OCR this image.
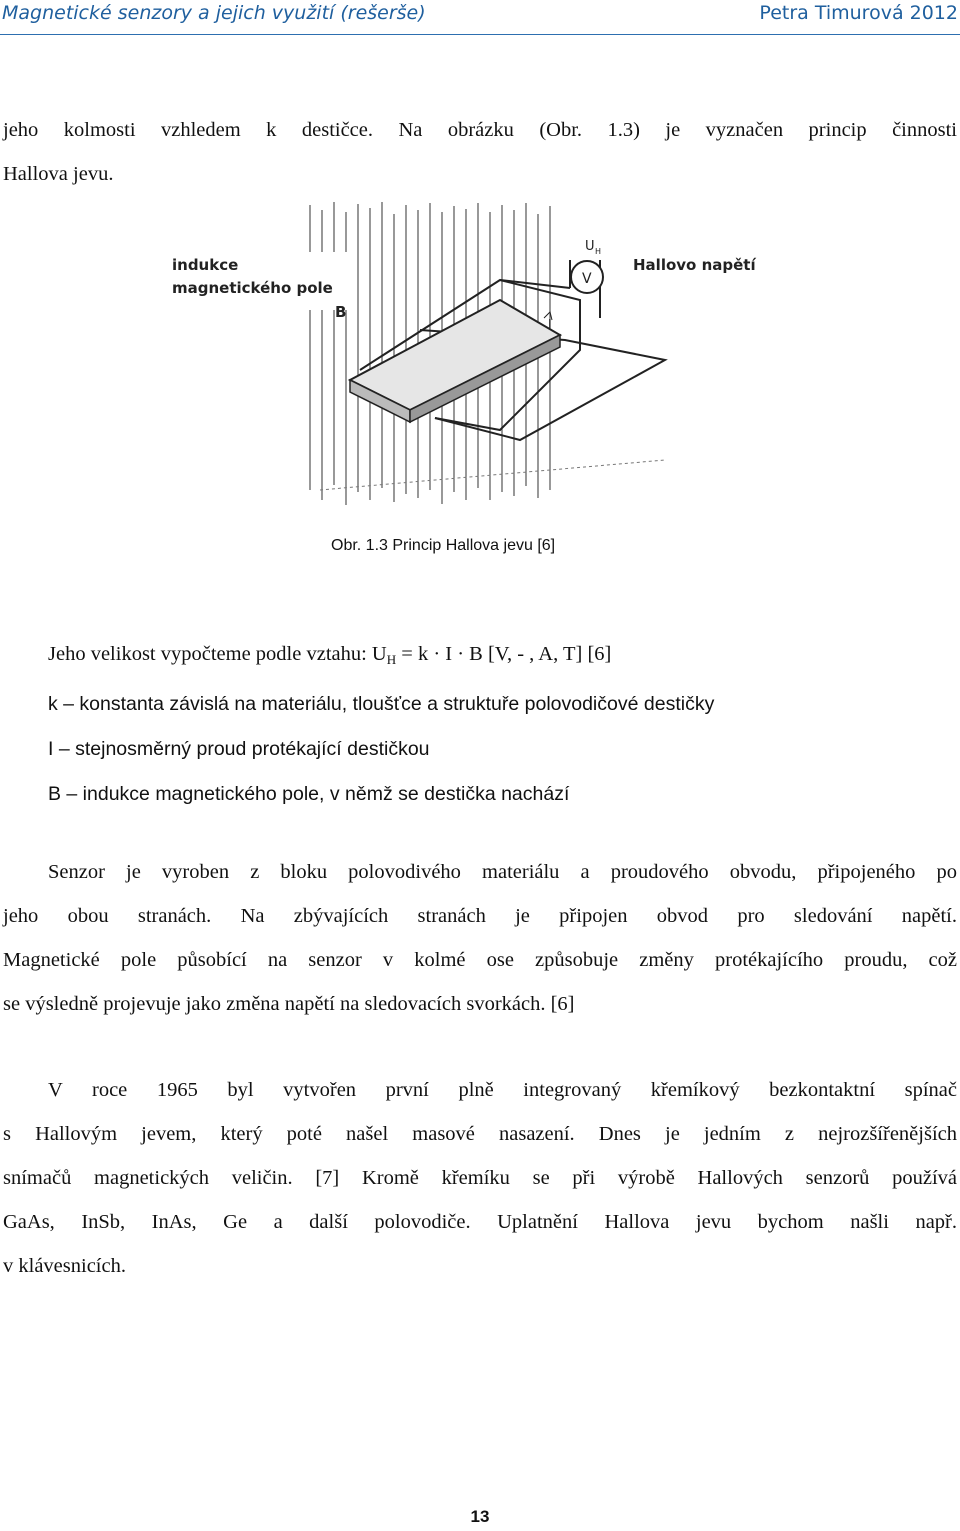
Magnetické senzory a jejich využití (rešerše)	Petra Timurová 2012
jeho kolmosti vzhledem k destičce. Na obrázku (Obr. 1.3) je vyznačen princip činnosti
Hallova jevu.
indukce
magnetického pole
B
V
U H
Hallovo napětí
I
Obr. 1.3 Princip Hallova jevu [6]
Jeho velikost vypočteme podle vztahu: $U_H = k \cdot I \cdot B$ [V, - , A, T] [6]
k – konstanta závislá na materiálu, tloušťce a struktuře polovodičové destičky
I – stejnosměrný proud protékající destičkou
B – indukce magnetického pole, v němž se destička nachází
Senzor je vyroben z bloku polovodivého materiálu a proudového obvodu, připojeného po
jeho obou stranách. Na zbývajících stranách je připojen obvod pro sledování napětí.
Magnetické pole působící na senzor v kolmé ose způsobuje změny protékajícího proudu, což
se výsledně projevuje jako změna napětí na sledovacích svorkách. [6]
V roce 1965 byl vytvořen první plně integrovaný křemíkový bezkontaktní spínač
s Hallovým jevem, který poté našel masové nasazení. Dnes je jedním z nejrozšířenějších
snímačů magnetických veličin. [7] Kromě křemíku se při výrobě Hallových senzorů používá
GaAs, InSb, InAs, Ge a další polovodiče. Uplatnění Hallova jevu bychom našli např.
v klávesnicích.
13
